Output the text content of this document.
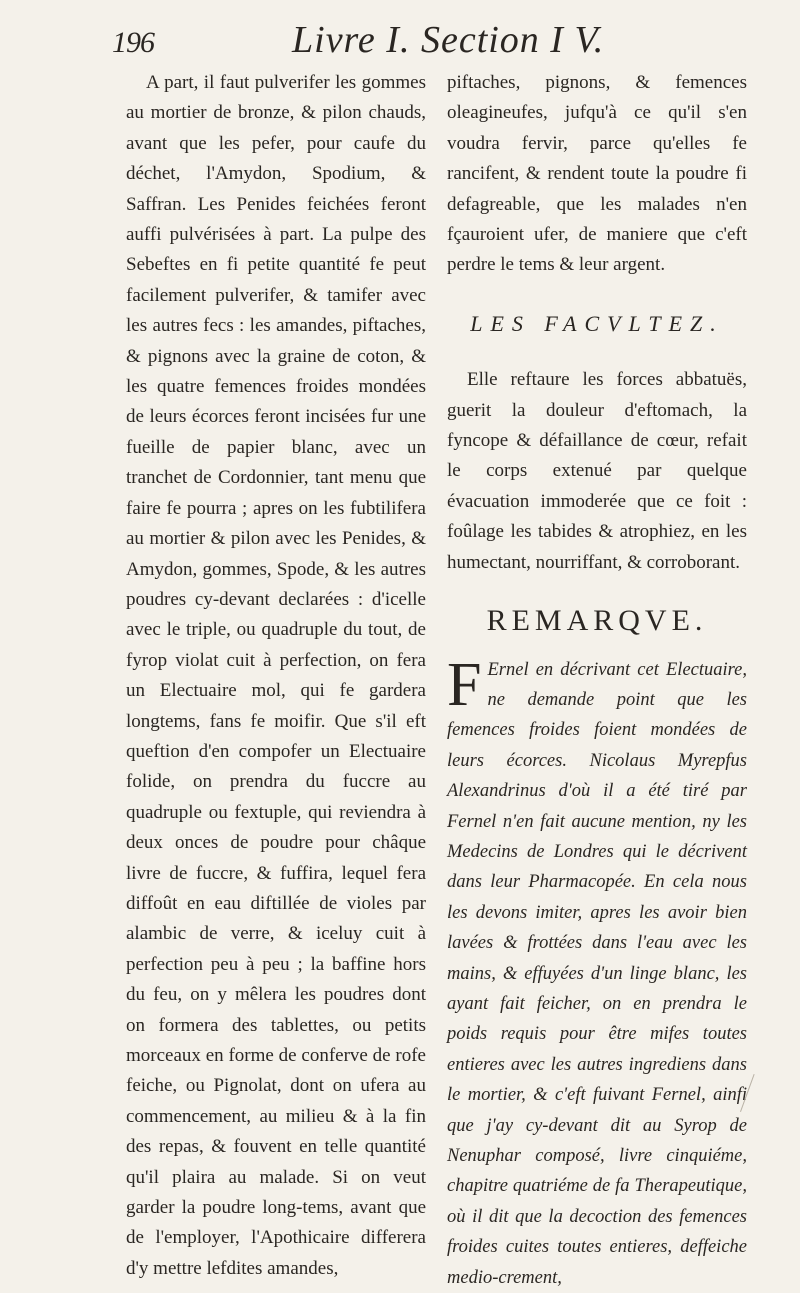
196	Livre I. Section I V.

A part, il faut pulverifer les gommes au mortier de bronze, & pilon chauds, avant que les pefer, pour caufe du déchet, l'Amydon, Spodium, & Saffran. Les Penides feichées feront auffi pulvérisées à part. La pulpe des Sebeftes en fi petite quantité fe peut facilement pulverifer, & tamifer avec les autres fecs : les amandes, piftaches, & pignons avec la graine de coton, & les quatre femences froides mondées de leurs écorces feront incisées fur une fueille de papier blanc, avec un tranchet de Cordonnier, tant menu que faire fe pourra ; apres on les fubtilifera au mortier & pilon avec les Penides, & Amydon, gommes, Spode, & les autres poudres cy-devant declarées : d'icelle avec le triple, ou quadruple du tout, de fyrop violat cuit à perfection, on fera un Electuaire mol, qui fe gardera longtems, fans fe moifir. Que s'il eft queftion d'en compofer un Electuaire folide, on prendra du fuccre au quadruple ou fextuple, qui reviendra à deux onces de poudre pour châque livre de fuccre, & fuffira, lequel fera diffoût en eau diftillée de violes par alambic de verre, & iceluy cuit à perfection peu à peu ; la baffine hors du feu, on y mêlera les poudres dont on formera des tablettes, ou petits morceaux en forme de conferve de rofe feiche, ou Pignolat, dont on ufera au commencement, au milieu & à la fin des repas, & fouvent en telle quantité qu'il plaira au malade. Si on veut garder la poudre long-tems, avant que de l'employer, l'Apothicaire differera d'y mettre lefdites amandes,

piftaches, pignons, & femences oleagineufes, jufqu'à ce qu'il s'en voudra fervir, parce qu'elles fe rancifent, & rendent toute la poudre fi defagreable, que les malades n'en fçauroient ufer, de maniere que c'eft perdre le tems & leur argent.

LES FACVLTEZ.

Elle reftaure les forces abbatuës, guerit la douleur d'eftomach, la fyncope & défaillance de cœur, refait le corps extenué par quelque évacuation immoderée que ce foit : foûlage les tabides & atrophiez, en les humectant, nourriffant, & corroborant.

REMARQVE.

F Ernel en décrivant cet Electuaire, ne demande point que les femences froides foient mondées de leurs écorces. Nicolaus Myrepfus Alexandrinus d'où il a été tiré par Fernel n'en fait aucune mention, ny les Medecins de Londres qui le décrivent dans leur Pharmacopée. En cela nous les devons imiter, apres les avoir bien lavées & frottées dans l'eau avec les mains, & effuyées d'un linge blanc, les ayant fait feicher, on en prendra le poids requis pour être mifes toutes entieres avec les autres ingrediens dans le mortier, & c'eft fuivant Fernel, ainfi que j'ay cy-devant dit au Syrop de Nenuphar composé, livre cinquiéme, chapitre quatriéme de fa Therapeutique, où il dit que la decoction des femences froides cuites toutes entieres, deffeiche medio-crement,
